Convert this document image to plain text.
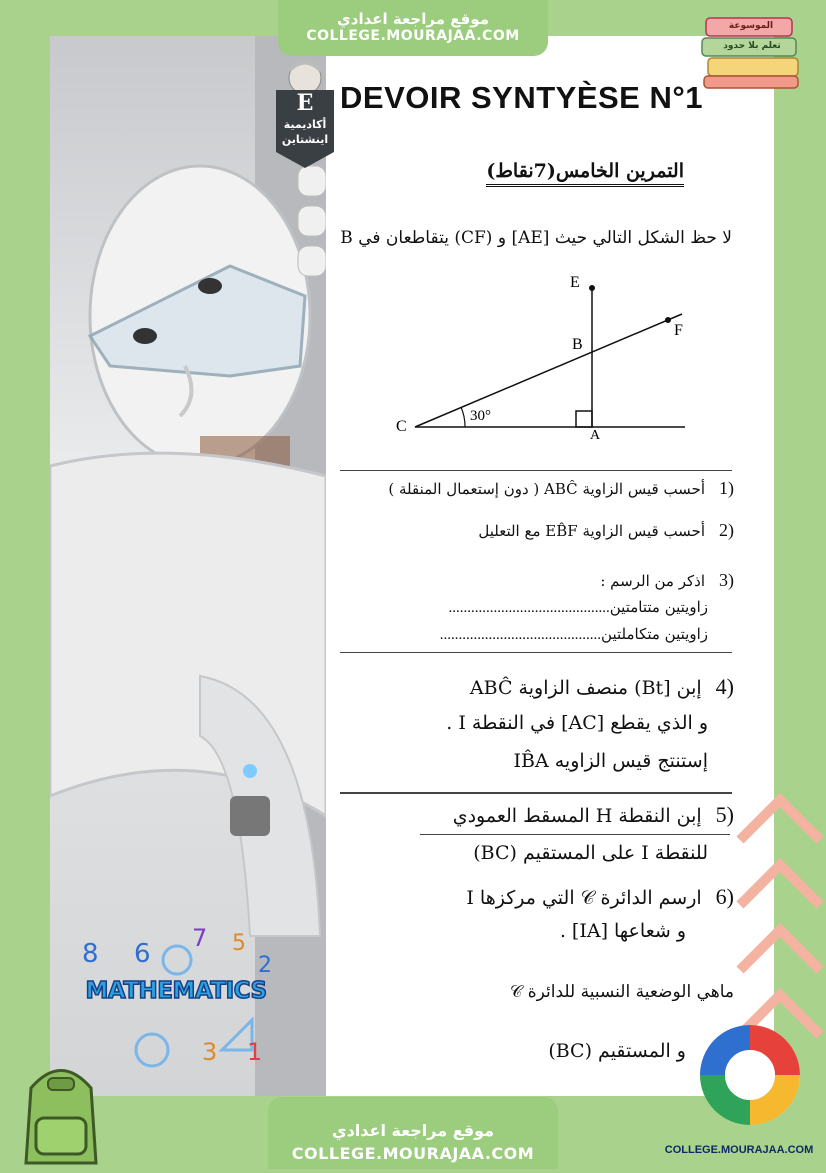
موقع مراجعة اعدادي
COLLEGE.MOURAJAA.COM
E
أكاديمية
اينشتاين
الموسوعة
تعلم بلا حدود
DEVOIR SYNTYÈSE N°1
التمرين الخامس(7نقاط)
لا حظ الشكل التالي حيث [AE] و (CF) يتقاطعان في B
E
F
B
C
A
30°
(1أحسب قيس الزاوية ABĈ ( دون إستعمال المنقلة )
(2أحسب قيس الزاوية EB̂F مع التعليل
(3اذكر من الرسم :
زاويتين متتامتين...........................................
زاويتين متكاملتين...........................................
(4إبن [Bt) منصف الزاوية ABĈ
و الذي يقطع [AC] في النقطة I .
إستنتج قيس الزاويه IB̂A
(5إبن النقطة H المسقط العمودي
للنقطة I على المستقيم (BC)
(6ارسم الدائرة 𝒞 التي مركزها I
و شعاعها [IA] .
ماهي الوضعية النسبية للدائرة 𝒞
و المستقيم (BC)
8 6
7 5
2
1
3
MATHEMATICS
موقع مراجعة اعدادي
COLLEGE.MOURAJAA.COM	COLLEGE.MOURAJAA.COM
